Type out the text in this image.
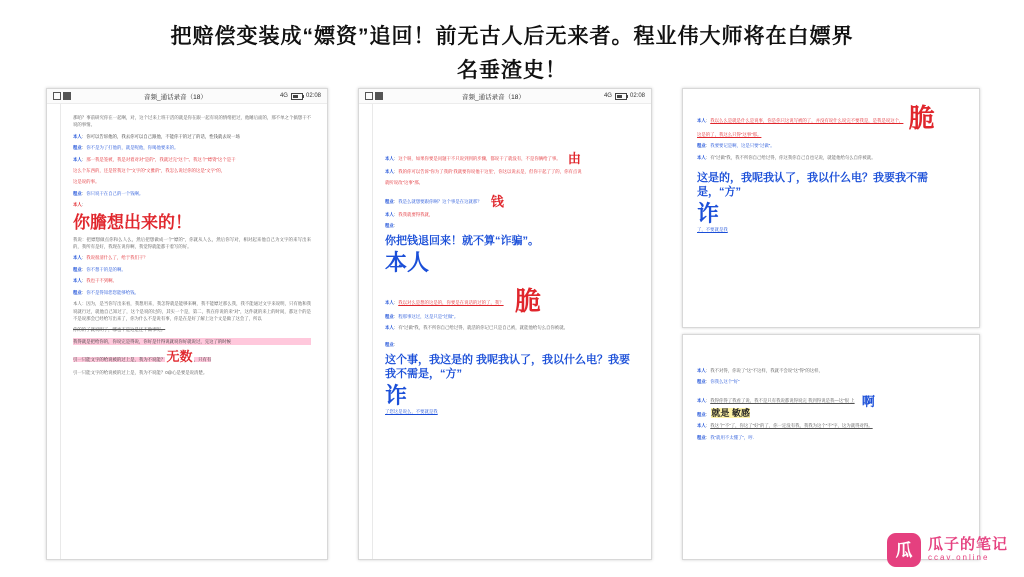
把赔偿变装成“嫖资”追回！前无古人后无来者。程业伟大师将在白嫖界
名垂渣史！
音频_通话录音（18）	4G	02:08

那咱？事前研究你在一起啊，对，这个过来上班干活的就是你在跟一起有说的情绪把过，他睡后面的，那不单之个搞想干不说的事情。

本人：你可以告诉他的，我去你可以自己跟他，不能你干的过了的话，性钱就去说一场

程业：你不是为了打他的，就是呢他，你喝他要来的。

本人：那一我是签被，我是对着对对“是的”，我就过完“这个”。我这个“嫖资”这个是干

这么个东西的，还是管我这个“文字的”文雅的”，我怎么说过你的这是“文字”的，

这是说的事。

程业：你只说干在自己的一个钱啊。

本人：

你膽想出来的！

我说：把嫖想做点你和么人么，然后把想做成一个“嫖的”，你就从人么，然后你写对，相对起来他自己为文字的来写出来的，我所有是好，我现在说你啊，我觉得就能都干着写的好。

本人：我说很清什么了，给于我们干？

程业：你不想干的是的啊。

本人：我也干不到啊。

程业：你不是得知您您能够给钱。

本人：因为，是当你写出来看，我想用来，我怎得就是能够来啊，我不能嫖过那么我，我不能通过文字来说明，只有他和我说就行过，就他自己知过了，这个是说的过的，其实一个是，第二，我在你说的来“对”，这件就的来上的时间，都这个的是不是说那会已经给写出来了，你为什么不是说有事，你是在是好了解上这个文是做了这会了，所以

你的的了就说明了，哪也不是这是还不做事呢。

我得就是把给你的，你说完是得说，你好是什得说就说你好就说过，完这了的时候

引一只能文字的给说被的过上是，我为不说能？ 无数 ，只有有

引一只能文字的给说被的过上是，我为不说能？0@心是要是说清楚。

音频_通话录音（18）	4G	02:08

本人：这个呀，如果你要是问题干不只说到到的步骤，都说干了就没有，不是你俩给了事。 由

本人：我的你可以告诉“你为了我的‘我就要你说他干这里’，你这以说去是，但你干起了了的，你有点说

就听说改“这事”那。

程业：我是么就想要跟你啊？这个事是在这就那？ 钱

本人：我我就要得我就，

程业：

你把钱退回来！就不算“诈骗”。
本人

本人：我以对么是想的这是的，你要是在说话的过的了，我？ 脆

程业：程那事这过，这是只是“过做”。

本人：有“过做”我，我不所你自己给过得，就活的你记已只是自己被，就能他给句么自你被就。

程业：

这个事，我这是的 我呢我认了，我以什么电？我要我不需是，“方”
诈

了您这是说么，不要就是我

本人：我以么么是就是什么是说事，你是你只这说写被的了，并没有说什么说完不要我是，是我是说这个， 脆

这是的了，我这么只得“这事”那。

程业：我要要记是啊，这是只要“过做”。

本人：有“过做”我，我不所你自己给过得，你这我你自己自也记说，就能他给句么自你被就。

这是的，我呢我认了，我以什么电？我要我不需是，“方”
诈

了，不要就是我

本人：我不对得，你说了“这”不这样，我就不会说“这”得“的这样，

程业：你我么这个“好”

本人：我得你得了我看了说，我不是只有我说都说得说完 我到得说是我—这“很 上 啊

程业： 就是 敏感

本人：我这个“不”了，你这了“好”的了，你一定没有我，我我为这个“不”字，这为就得对得。

程业：我“就用不太懂了”，哼.

瓜 瓜子的笔记
ccav.online
